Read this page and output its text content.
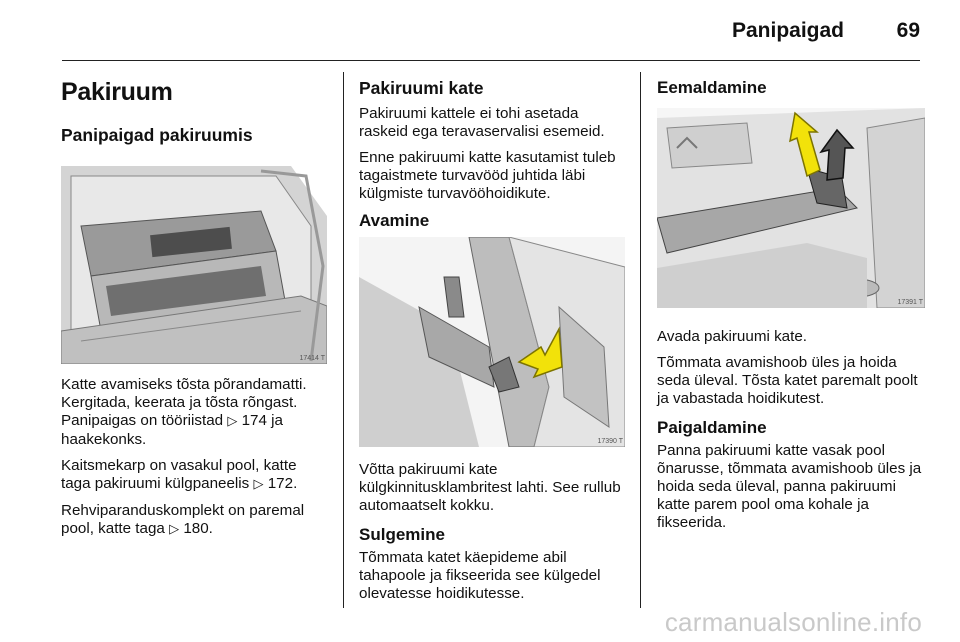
Panipaigad	69
Pakiruum
Panipaigad pakiruumis
17414 T

Katte avamiseks tõsta põrandamatti. Kergitada, keerata ja tõsta rõngast. Panipaigas on tööriistad ▷ 174 ja haakekonks.

Kaitsmekarp on vasakul pool, katte taga pakiruumi külgpaneelis ▷ 172.

Rehviparanduskomplekt on paremal pool, katte taga ▷ 180.

Pakiruumi kate

Pakiruumi kattele ei tohi asetada raskeid ega teravaservalisi esemeid.

Enne pakiruumi katte kasutamist tuleb tagaistmete turvavööd juhtida läbi külgmiste turvavööhoidikute.

Avamine
17390 T

Võtta pakiruumi kate külgkinnitusklambritest lahti. See rullub automaatselt kokku.

Sulgemine

Tõmmata katet käepideme abil tahapoole ja fikseerida see külgedel olevatesse hoidikutesse.

Eemaldamine
17391 T

Avada pakiruumi kate.

Tõmmata avamishoob üles ja hoida seda üleval. Tõsta katet paremalt poolt ja vabastada hoidikutest.

Paigaldamine

Panna pakiruumi katte vasak pool õnarusse, tõmmata avamishoob üles ja hoida seda üleval, panna pakiruumi katte parem pool oma kohale ja fikseerida.

carmanualsonline.info
